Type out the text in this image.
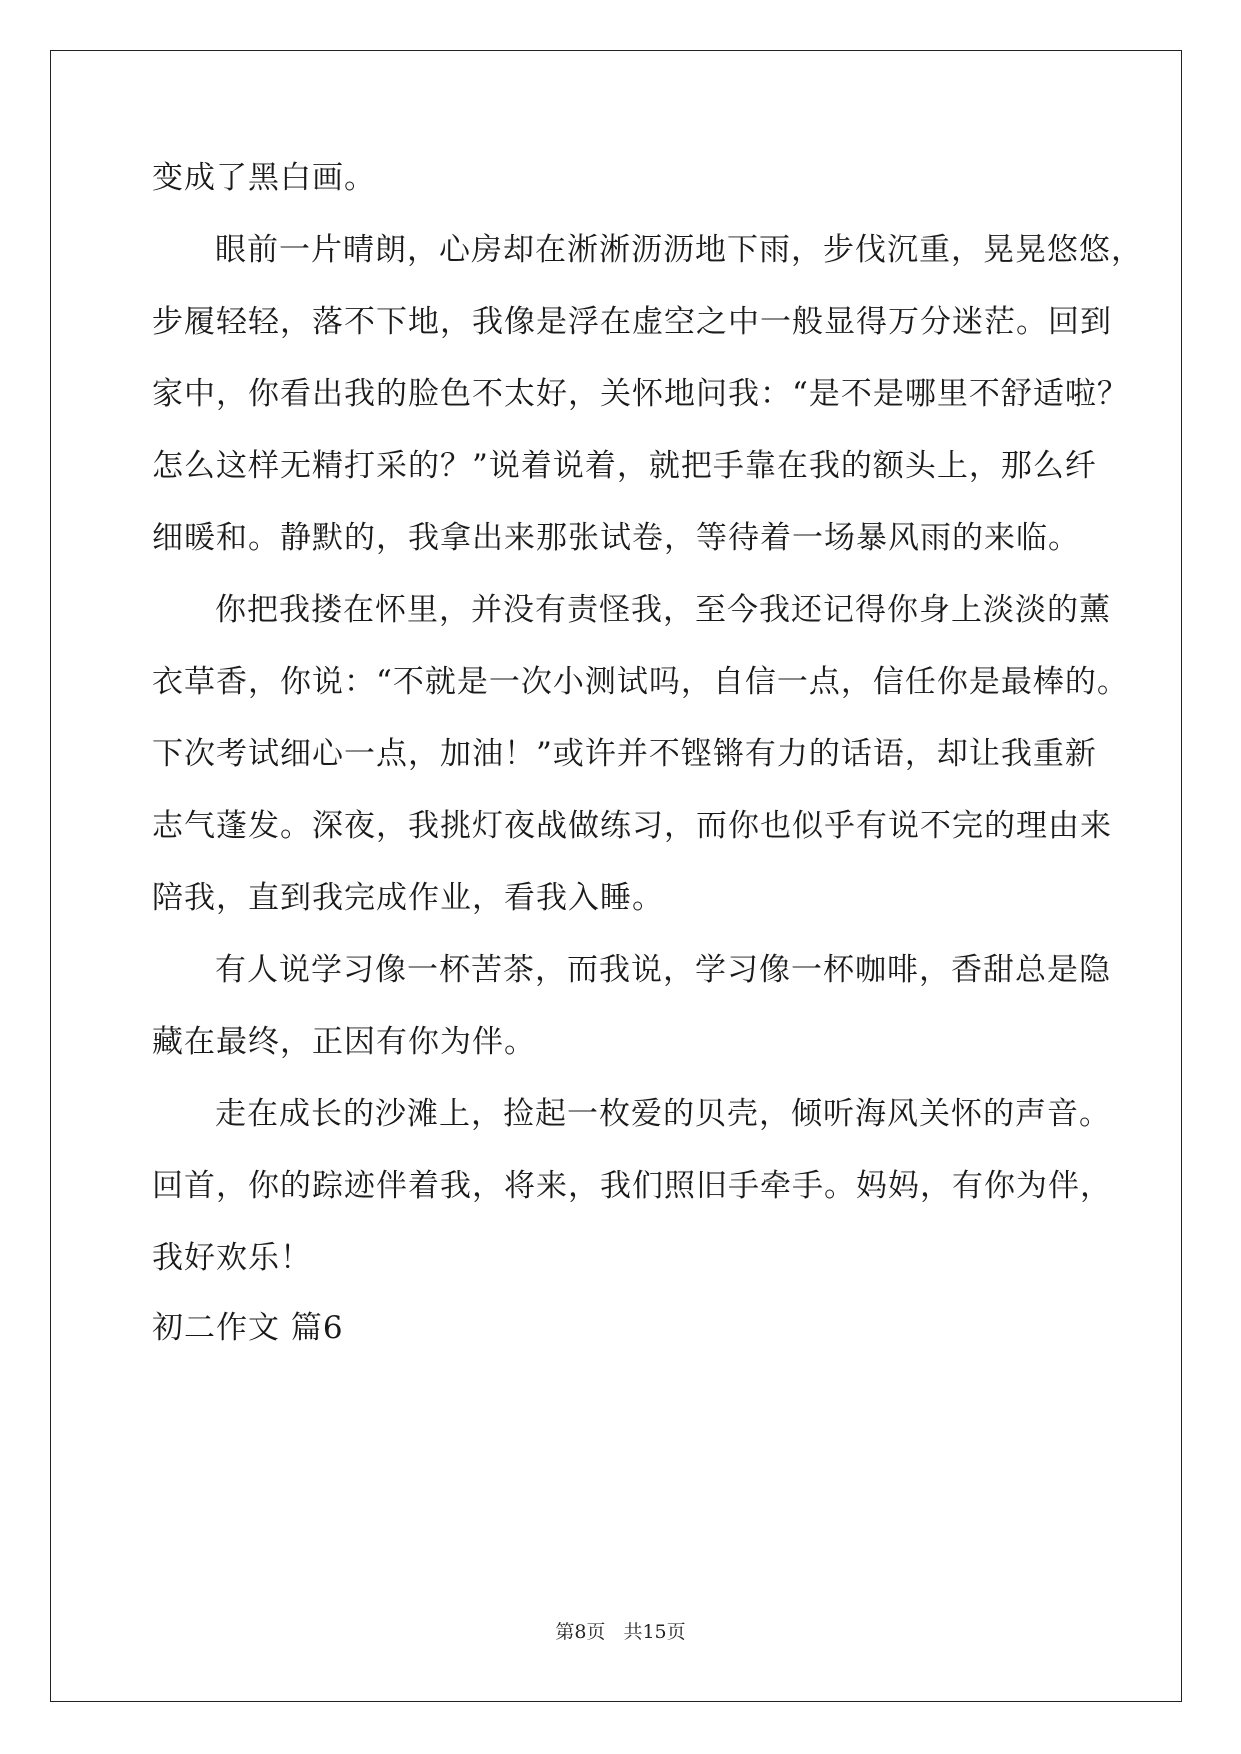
变成了黑白画。
眼前一片晴朗，心房却在淅淅沥沥地下雨，步伐沉重，晃晃悠悠，
步履轻轻，落不下地，我像是浮在虚空之中一般显得万分迷茫。回到
家中，你看出我的脸色不太好，关怀地问我：“是不是哪里不舒适啦？
怎么这样无精打采的？”说着说着，就把手靠在我的额头上，那么纤
细暖和。静默的，我拿出来那张试卷，等待着一场暴风雨的来临。
你把我搂在怀里，并没有责怪我，至今我还记得你身上淡淡的薰
衣草香，你说：“不就是一次小测试吗，自信一点，信任你是最棒的。
下次考试细心一点，加油！”或许并不铿锵有力的话语，却让我重新
志气蓬发。深夜，我挑灯夜战做练习，而你也似乎有说不完的理由来
陪我，直到我完成作业，看我入睡。
有人说学习像一杯苦茶，而我说，学习像一杯咖啡，香甜总是隐
藏在最终，正因有你为伴。
走在成长的沙滩上，捡起一枚爱的贝壳，倾听海风关怀的声音。
回首，你的踪迹伴着我，将来，我们照旧手牵手。妈妈，有你为伴，
我好欢乐！
初二作文 篇6
第8页 共15页
